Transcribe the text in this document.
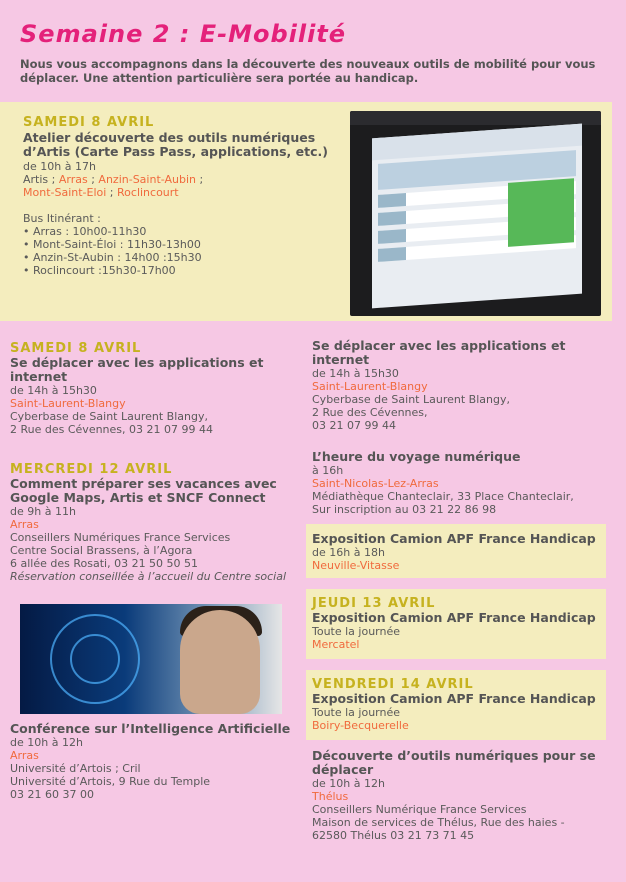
Semaine 2 : E-Mobilité

Nous vous accompagnons dans la découverte des nouveaux outils de mobilité pour vous déplacer. Une attention particulière sera portée au handicap.

SAMEDI 8 AVRIL
Atelier découverte des outils numériques d’Artis (Carte Pass Pass, applications, etc.)
de 10h à 17h
Artis ; Arras ; Anzin-Saint-Aubin ;
Mont-Saint-Eloi ; Roclincourt
Bus Itinérant :
• Arras : 10h00-11h30
• Mont-Saint-Éloi : 11h30-13h00
• Anzin-St-Aubin : 14h00 :15h30
• Roclincourt :15h30-17h00
SAMEDI 8 AVRIL
Se déplacer avec les applications et internet
de 14h à 15h30
Saint-Laurent-Blangy
Cyberbase de Saint Laurent Blangy,
2 Rue des Cévennes, 03 21 07 99 44
MERCREDI 12 AVRIL
Comment préparer ses vacances avec Google Maps, Artis et SNCF Connect
de 9h à 11h
Arras
Conseillers Numériques France Services
Centre Social Brassens, à l’Agora
6 allée des Rosati, 03 21 50 50 51
Réservation conseillée à l’accueil du Centre social
Conférence sur l’Intelligence Artificielle
de 10h à 12h
Arras
Université d’Artois ; Cril
Université d’Artois, 9 Rue du Temple
03 21 60 37 00
Se déplacer avec les applications et internet
de 14h à 15h30
Saint-Laurent-Blangy
Cyberbase de Saint Laurent Blangy,
2 Rue des Cévennes,
03 21 07 99 44
L’heure du voyage numérique
à 16h
Saint-Nicolas-Lez-Arras
Médiathèque Chanteclair, 33 Place Chanteclair,
Sur inscription au 03 21 22 86 98
Exposition Camion APF France Handicap
de 16h à 18h
Neuville-Vitasse
JEUDI 13 AVRIL
Exposition Camion APF France Handicap
Toute la journée
Mercatel
VENDREDI 14 AVRIL
Exposition Camion APF France Handicap
Toute la journée
Boiry-Becquerelle
Découverte d’outils numériques pour se déplacer
de 10h à 12h
Thélus
Conseillers Numérique France Services
Maison de services de Thélus, Rue des haies -
62580 Thélus 03 21 73 71 45
